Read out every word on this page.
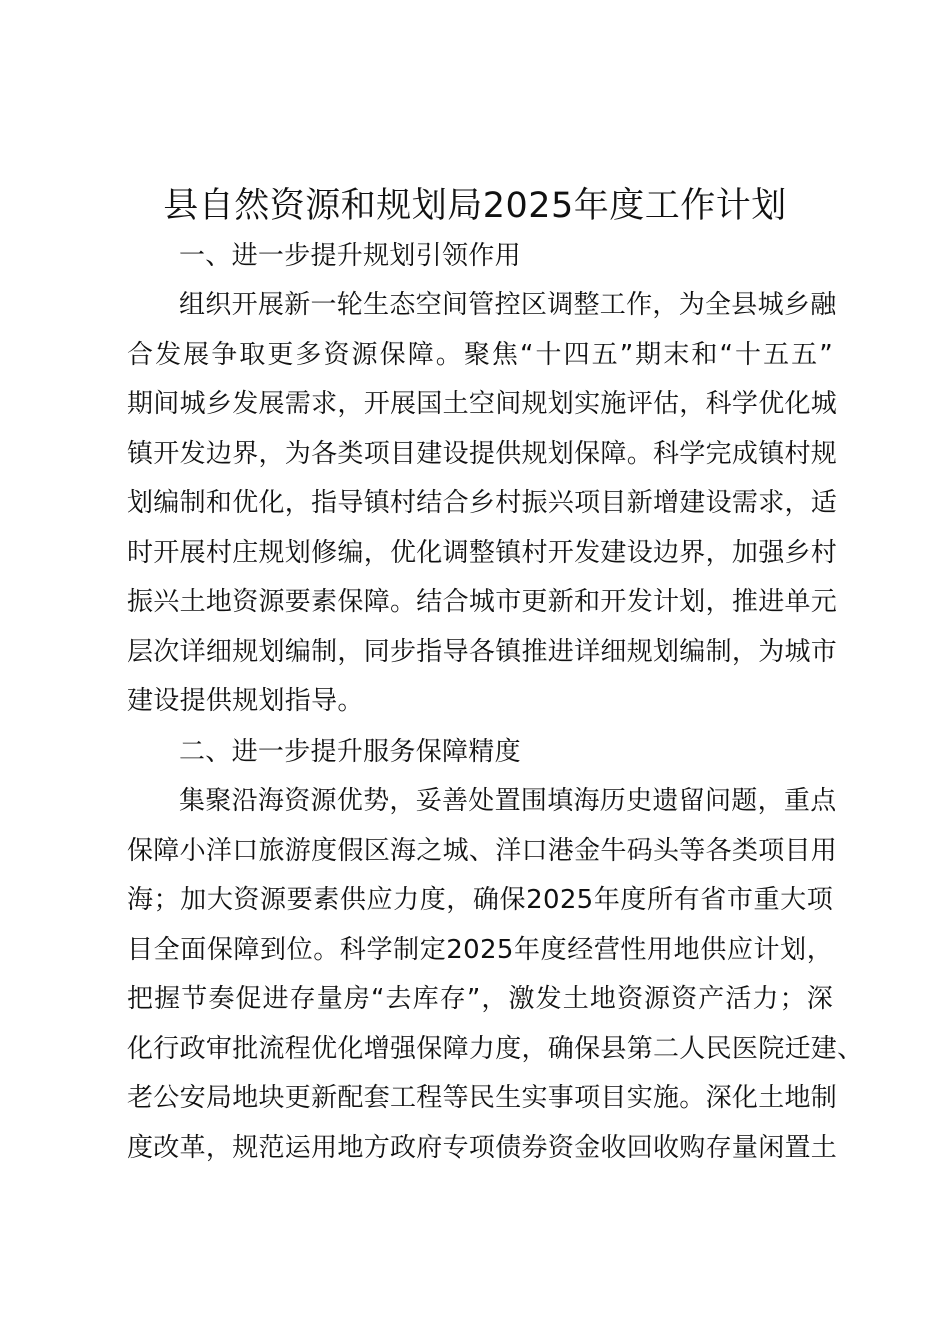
县自然资源和规划局2025年度工作计划
一、进一步提升规划引领作用
组织开展新一轮生态空间管控区调整工作，为全县城乡融
合发展争取更多资源保障。聚焦“十四五”期末和“十五五”
期间城乡发展需求，开展国土空间规划实施评估，科学优化城
镇开发边界，为各类项目建设提供规划保障。科学完成镇村规
划编制和优化，指导镇村结合乡村振兴项目新增建设需求，适
时开展村庄规划修编，优化调整镇村开发建设边界，加强乡村
振兴土地资源要素保障。结合城市更新和开发计划，推进单元
层次详细规划编制，同步指导各镇推进详细规划编制，为城市
建设提供规划指导。
二、进一步提升服务保障精度
集聚沿海资源优势，妥善处置围填海历史遗留问题，重点
保障小洋口旅游度假区海之城、洋口港金牛码头等各类项目用
海；加大资源要素供应力度，确保2025年度所有省市重大项
目全面保障到位。科学制定2025年度经营性用地供应计划，
把握节奏促进存量房“去库存”，激发土地资源资产活力；深
化行政审批流程优化增强保障力度，确保县第二人民医院迁建、
老公安局地块更新配套工程等民生实事项目实施。深化土地制
度改革，规范运用地方政府专项债券资金收回收购存量闲置土
